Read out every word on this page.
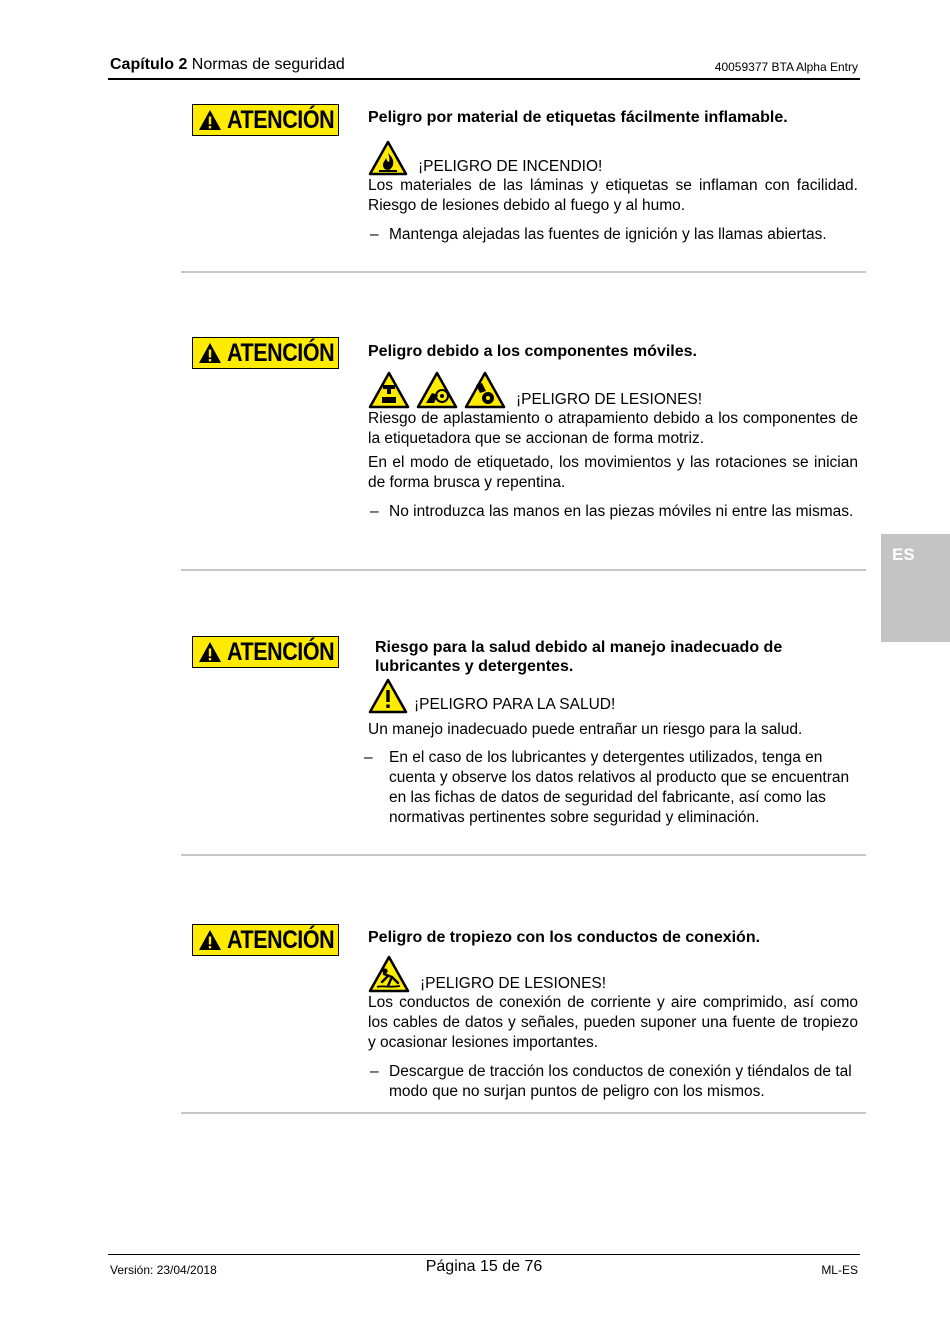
Capítulo 2 Normas de seguridad	40059377 BTA Alpha Entry
ES
ATENCIÓN Peligro por material de etiquetas fácilmente inflamable.
¡PELIGRO DE INCENDIO!
Los materiales de las láminas y etiquetas se inflaman con facilidad. Riesgo de lesiones debido al fuego y al humo.
– Mantenga alejadas las fuentes de ignición y las llamas abiertas.
ATENCIÓN Peligro debido a los componentes móviles.
¡PELIGRO DE LESIONES!
Riesgo de aplastamiento o atrapamiento debido a los componentes de la etiquetadora que se accionan de forma motriz.
En el modo de etiquetado, los movimientos y las rotaciones se inician de forma brusca y repentina.
– No introduzca las manos en las piezas móviles ni entre las mismas.
ATENCIÓN	Riesgo para la salud debido al manejo inadecuado de lubricantes y detergentes.
¡PELIGRO PARA LA SALUD!
Un manejo inadecuado puede entrañar un riesgo para la salud.
– En el caso de los lubricantes y detergentes utilizados, tenga en cuenta y observe los datos relativos al producto que se encuentran en las fichas de datos de seguridad del fabricante, así como las normativas pertinentes sobre seguridad y eliminación.
ATENCIÓN Peligro de tropiezo con los conductos de conexión.
¡PELIGRO DE LESIONES!
Los conductos de conexión de corriente y aire comprimido, así como los cables de datos y señales, pueden suponer una fuente de tropiezo y ocasionar lesiones importantes.
– Descargue de tracción los conductos de conexión y tiéndalos de tal modo que no surjan puntos de peligro con los mismos.
Versión: 23/04/2018	Página 15 de 76	ML-ES
